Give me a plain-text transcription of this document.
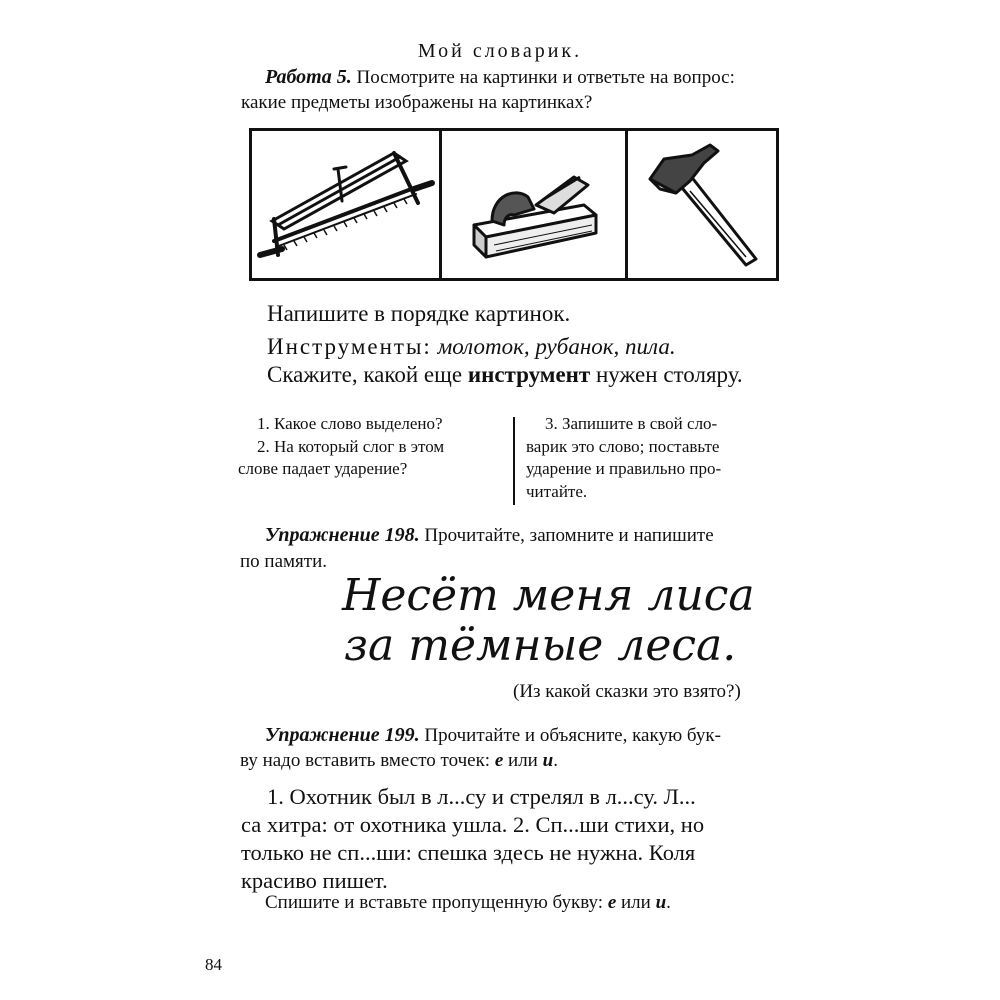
Мой словарик.
Работа 5. Посмотрите на картинки и ответьте на вопрос:
какие предметы изображены на картинках?
Напишите в порядке картинок.
Инструменты: молоток, рубанок, пила.
Скажите, какой еще инструмент нужен столяру.
1. Какое слово выделено?
2. На который слог в этом
слове падает ударение?
3. Запишите в свой сло-
варик это слово; поставьте
ударение и правильно про-
читайте.
Упражнение 198. Прочитайте, запомните и напишите
по памяти.
Несёт меня лиса
за тёмные леса.
(Из какой сказки это взято?)
Упражнение 199. Прочитайте и объясните, какую бук-
ву надо вставить вместо точек: е или и.
1. Охотник был в л...су и стрелял в л...су. Л...
са хитра: от охотника ушла. 2. Сп...ши стихи, но
только не сп...ши: спешка здесь не нужна. Коля
красиво пишет.
Спишите и вставьте пропущенную букву: е или и.
84
